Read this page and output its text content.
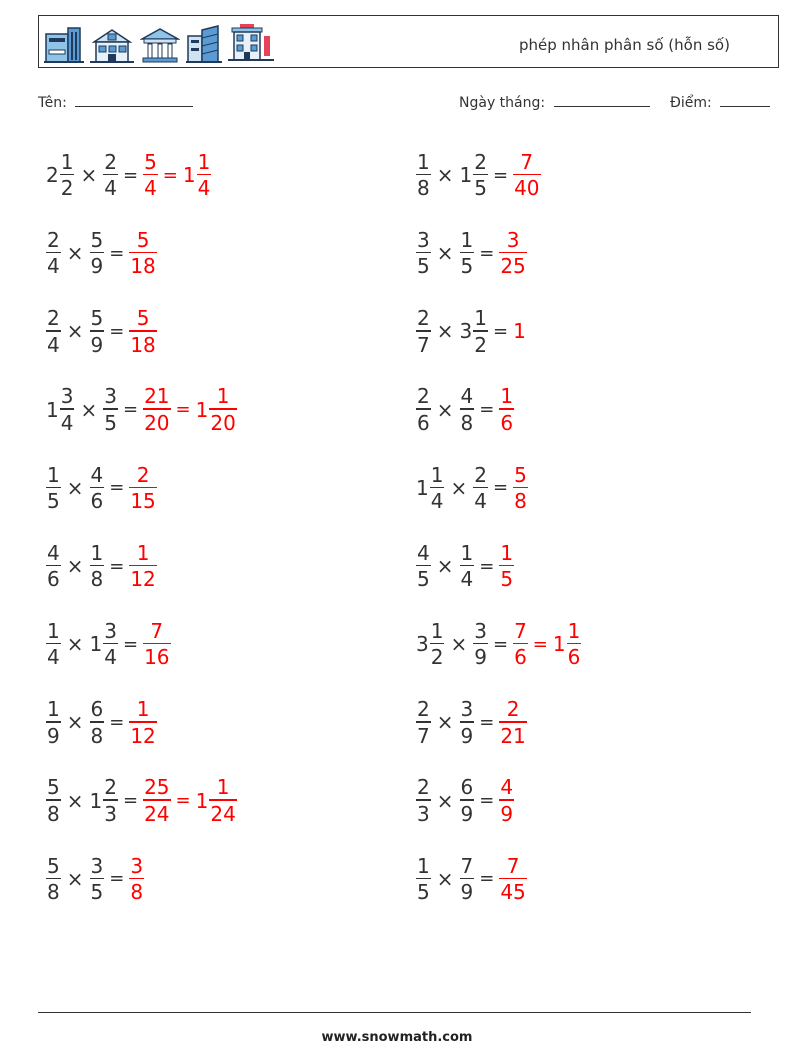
phép nhân phân số (hỗn số)
Tên:	Ngày tháng:	Điểm:
$2 \frac{1}{2} \times \frac{2}{4} = \frac{5}{4} = 1 \frac{1}{4}$	$\frac{1}{8} \times 1 \frac{2}{5} = \frac{7}{40}$
$\frac{2}{4} \times \frac{5}{9} = \frac{5}{18}$	$\frac{3}{5} \times \frac{1}{5} = \frac{3}{25}$
$\frac{2}{4} \times \frac{5}{9} = \frac{5}{18}$	$\frac{2}{7} \times 3 \frac{1}{2} = 1$
$1 \frac{3}{4} \times \frac{3}{5} = \frac{21}{20} = 1 \frac{1}{20}$	$\frac{2}{6} \times \frac{4}{8} = \frac{1}{6}$
$\frac{1}{5} \times \frac{4}{6} = \frac{2}{15}$	$1 \frac{1}{4} \times \frac{2}{4} = \frac{5}{8}$
$\frac{4}{6} \times \frac{1}{8} = \frac{1}{12}$	$\frac{4}{5} \times \frac{1}{4} = \frac{1}{5}$
$\frac{1}{4} \times 1 \frac{3}{4} = \frac{7}{16}$	$3 \frac{1}{2} \times \frac{3}{9} = \frac{7}{6} = 1 \frac{1}{6}$
$\frac{1}{9} \times \frac{6}{8} = \frac{1}{12}$	$\frac{2}{7} \times \frac{3}{9} = \frac{2}{21}$
$\frac{5}{8} \times 1 \frac{2}{3} = \frac{25}{24} = 1 \frac{1}{24}$	$\frac{2}{3} \times \frac{6}{9} = \frac{4}{9}$
$\frac{5}{8} \times \frac{3}{5} = \frac{3}{8}$	$\frac{1}{5} \times \frac{7}{9} = \frac{7}{45}$
www.snowmath.com
